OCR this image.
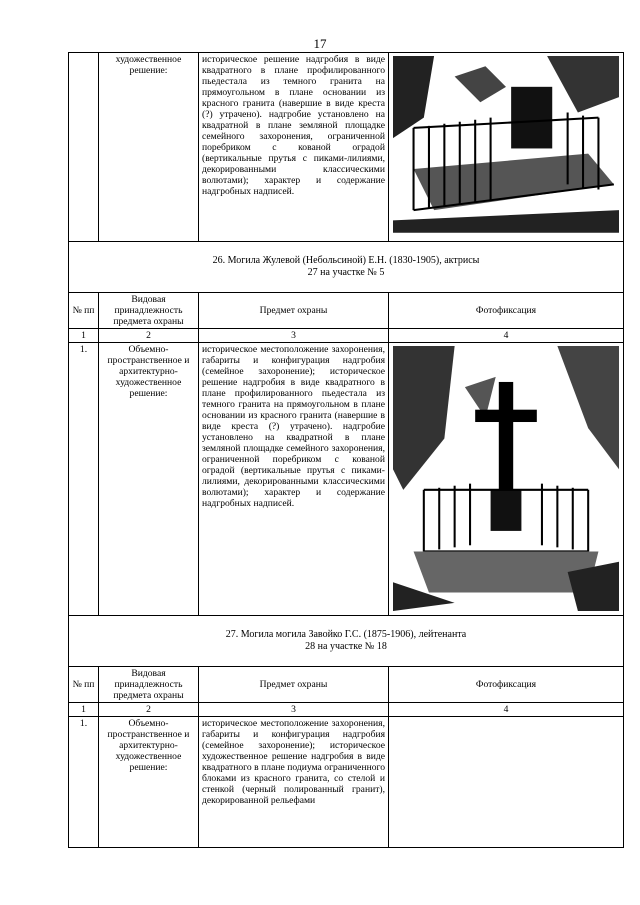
17
	художественное решение:	историческое решение надгробия в виде квадратного в плане профилированного пьедестала из темного гранита на прямоугольном в плане основании из красного гранита (навершие в виде креста (?) утрачено). надгробие установлено на квадратной в плане земляной площадке семейного захоронения, ограниченной поребриком с кованой оградой (вертикальные прутья с пиками-лилиями, декорированными классическими волютами); характер и содержание надгробных надписей.	

26. Могила Жулевой (Небольсиной) Е.Н. (1830-1905), актрисы
27 на участке № 5			

№ пп	Видовая принадлежность предмета охраны	Предмет охраны	Фотофиксация
1	2	3	4
1.	Объемно-пространственное и архитектурно-художественное решение:	историческое местоположение захоронения, габариты и конфигурация надгробия (семейное захоронение); историческое решение надгробия в виде квадратного в плане профилированного пьедестала из темного гранита на прямоугольном в плане основании из красного гранита (навершие в виде креста (?) утрачено). надгробие установлено на квадратной в плане земляной площадке семейного захоронения, ограниченной поребриком с кованой оградой (вертикальные прутья с пиками-лилиями, декорированными классическими волютами); характер и содержание надгробных надписей.	

27. Могила могила Завойко Г.С. (1875-1906), лейтенанта
28 на участке № 18			

№ пп	Видовая принадлежность предмета охраны	Предмет охраны	Фотофиксация
1	2	3	4
1.	Объемно-пространственное и архитектурно-художественное решение:	историческое местоположение захоронения, габариты и конфигурация надгробия (семейное захоронение); историческое художественное решение надгробия в виде квадратного в плане подиума ограниченного блоками из красного гранита, со стелой и стенкой (черный полированный гранит), декорированной рельефами	
